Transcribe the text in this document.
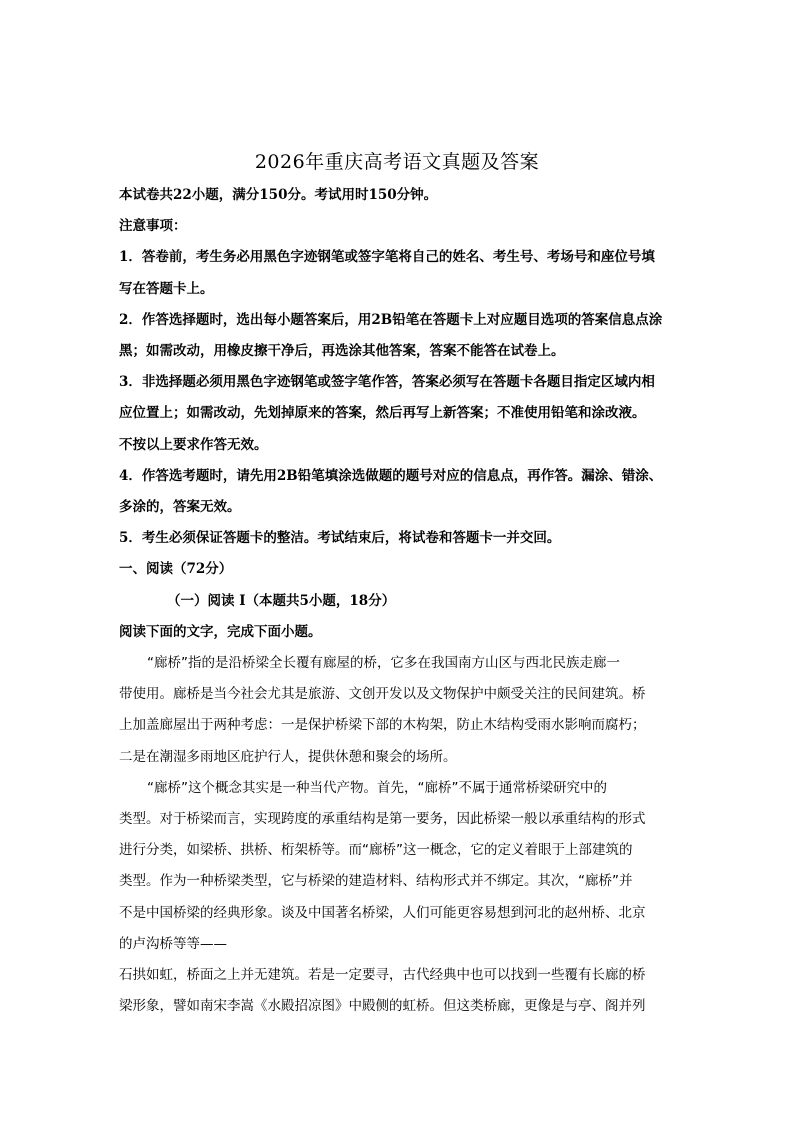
2026年重庆高考语文真题及答案
本试卷共22小题，满分150分。考试用时150分钟。
注意事项：
1．答卷前，考生务必用黑色字迹钢笔或签字笔将自己的姓名、考生号、考场号和座位号填
写在答题卡上。
2．作答选择题时，选出每小题答案后，用2B铅笔在答题卡上对应题目选项的答案信息点涂
黑；如需改动，用橡皮擦干净后，再选涂其他答案，答案不能答在试卷上。
3．非选择题必须用黑色字迹钢笔或签字笔作答，答案必须写在答题卡各题目指定区域内相
应位置上；如需改动，先划掉原来的答案，然后再写上新答案；不准使用铅笔和涂改液。
不按以上要求作答无效。
4．作答选考题时，请先用2B铅笔填涂选做题的题号对应的信息点，再作答。漏涂、错涂、
多涂的，答案无效。
5．考生必须保证答题卡的整洁。考试结束后，将试卷和答题卡一并交回。
一、阅读（72分）
（一）阅读 I（本题共5小题，18分）
阅读下面的文字，完成下面小题。
“廊桥”指的是沿桥梁全长覆有廊屋的桥，它多在我国南方山区与西北民族走廊一
带使用。廊桥是当今社会尤其是旅游、文创开发以及文物保护中颇受关注的民间建筑。桥
上加盖廊屋出于两种考虑：一是保护桥梁下部的木构架，防止木结构受雨水影响而腐朽；
二是在潮湿多雨地区庇护行人，提供休憩和聚会的场所。
“廊桥”这个概念其实是一种当代产物。首先，“廊桥”不属于通常桥梁研究中的
类型。对于桥梁而言，实现跨度的承重结构是第一要务，因此桥梁一般以承重结构的形式
进行分类，如梁桥、拱桥、桁架桥等。而“廊桥”这一概念，它的定义着眼于上部建筑的
类型。作为一种桥梁类型，它与桥梁的建造材料、结构形式并不绑定。其次，“廊桥”并
不是中国桥梁的经典形象。谈及中国著名桥梁，人们可能更容易想到河北的赵州桥、北京
的卢沟桥等等——
石拱如虹，桥面之上并无建筑。若是一定要寻，古代经典中也可以找到一些覆有长廊的桥
梁形象，譬如南宋李嵩《水殿招凉图》中殿侧的虹桥。但这类桥廊，更像是与亭、阁并列
